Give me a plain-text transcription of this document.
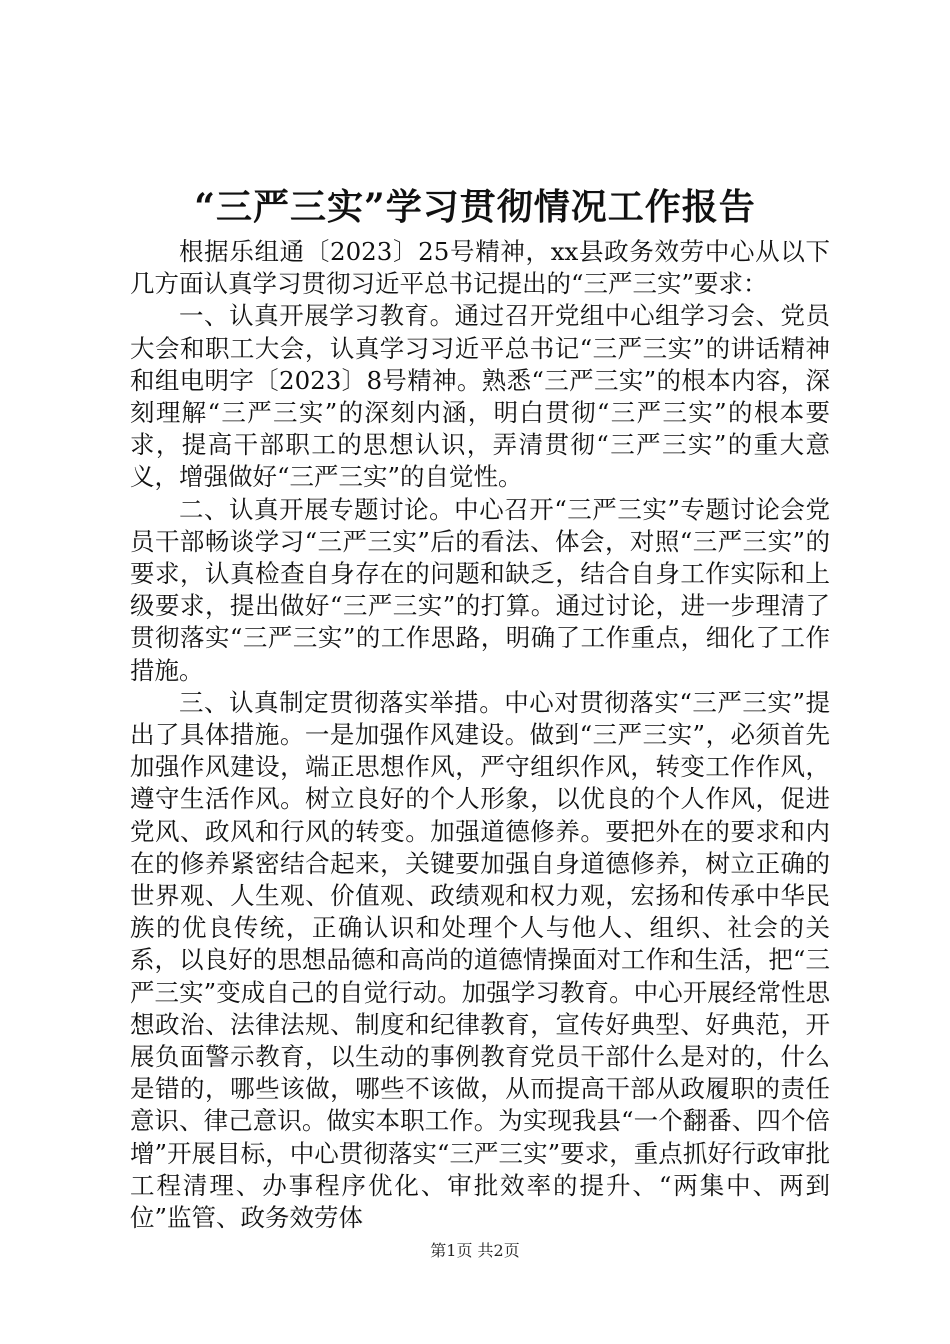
“三严三实”学习贯彻情况工作报告

根据乐组通〔2023〕25号精神，xx县政务效劳中心从以下几方面认真学习贯彻习近平总书记提出的“三严三实”要求：

一、认真开展学习教育。通过召开党组中心组学习会、党员大会和职工大会，认真学习习近平总书记“三严三实”的讲话精神和组电明字〔2023〕8号精神。熟悉“三严三实”的根本内容，深刻理解“三严三实”的深刻内涵，明白贯彻“三严三实”的根本要求，提高干部职工的思想认识，弄清贯彻“三严三实”的重大意义，增强做好“三严三实”的自觉性。

二、认真开展专题讨论。中心召开“三严三实”专题讨论会党员干部畅谈学习“三严三实”后的看法、体会，对照“三严三实”的要求，认真检查自身存在的问题和缺乏，结合自身工作实际和上级要求，提出做好“三严三实”的打算。通过讨论，进一步理清了贯彻落实“三严三实”的工作思路，明确了工作重点，细化了工作措施。

三、认真制定贯彻落实举措。中心对贯彻落实“三严三实”提出了具体措施。一是加强作风建设。做到“三严三实”，必须首先加强作风建设，端正思想作风，严守组织作风，转变工作作风，遵守生活作风。树立良好的个人形象，以优良的个人作风，促进党风、政风和行风的转变。加强道德修养。要把外在的要求和内在的修养紧密结合起来，关键要加强自身道德修养，树立正确的世界观、人生观、价值观、政绩观和权力观，宏扬和传承中华民族的优良传统，正确认识和处理个人与他人、组织、社会的关系，以良好的思想品德和高尚的道德情操面对工作和生活，把“三严三实”变成自己的自觉行动。加强学习教育。中心开展经常性思想政治、法律法规、制度和纪律教育，宣传好典型、好典范，开展负面警示教育，以生动的事例教育党员干部什么是对的，什么是错的，哪些该做，哪些不该做，从而提高干部从政履职的责任意识、律己意识。做实本职工作。为实现我县“一个翻番、四个倍增”开展目标，中心贯彻落实“三严三实”要求，重点抓好行政审批工程清理、办事程序优化、审批效率的提升、“两集中、两到位”监管、政务效劳体

第1页 共2页
